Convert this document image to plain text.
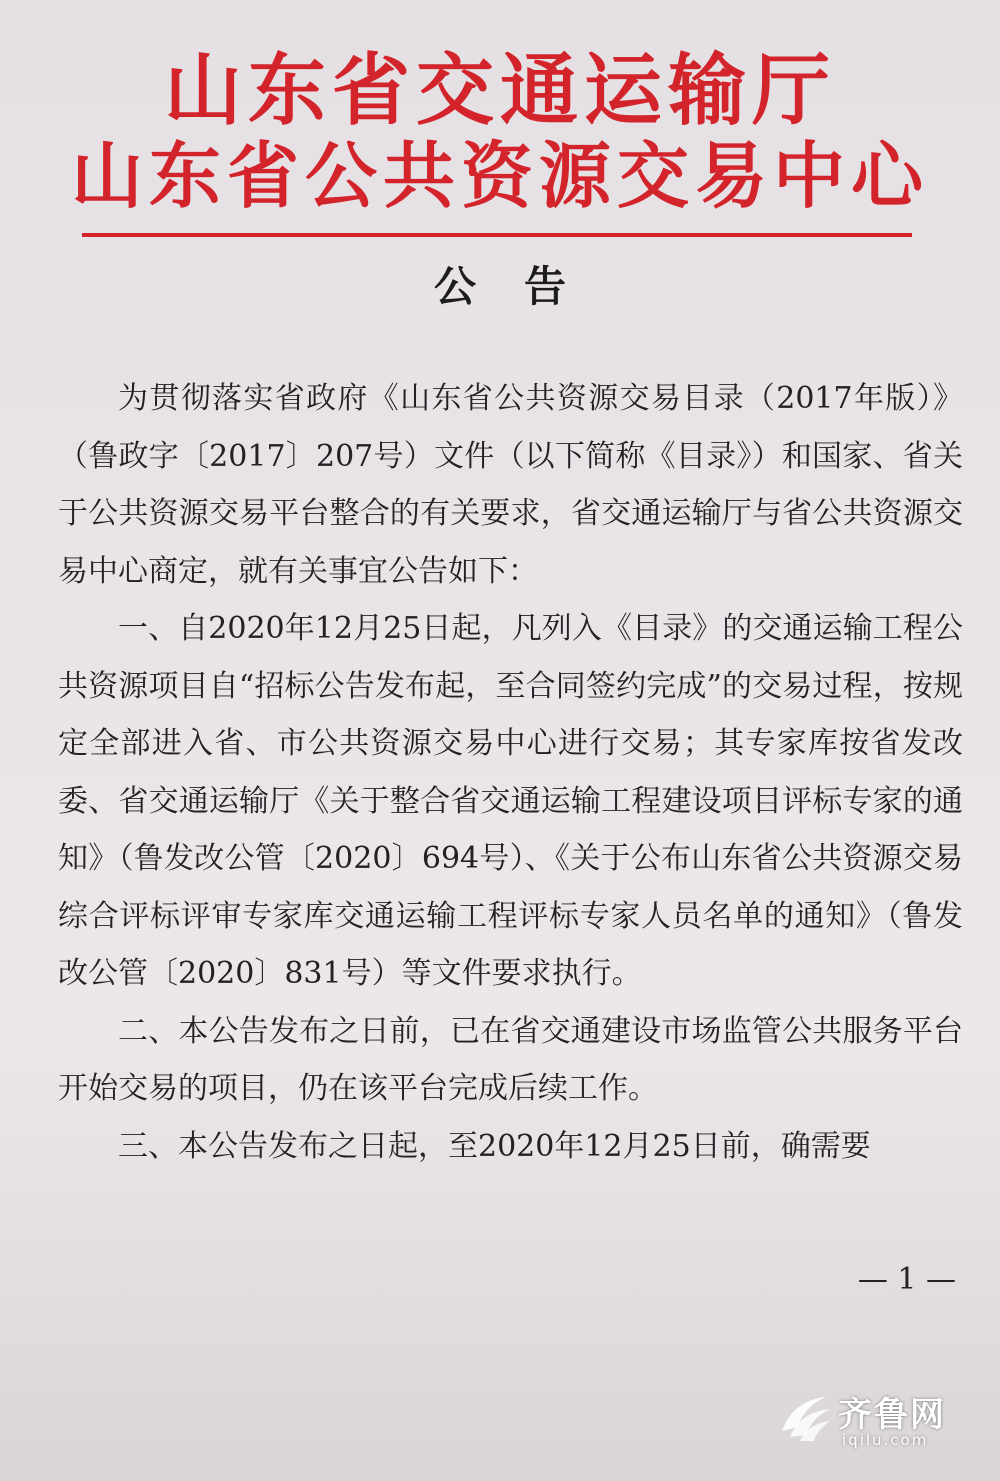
山东省交通运输厅
山东省公共资源交易中心
公告

为贯彻落实省政府《山东省公共资源交易目录（2017年版）》（鲁政字〔2017〕207号）文件（以下简称《目录》）和国家、省关于公共资源交易平台整合的有关要求，省交通运输厅与省公共资源交易中心商定，就有关事宜公告如下：

一、自2020年12月25日起，凡列入《目录》的交通运输工程公共资源项目自“招标公告发布起，至合同签约完成”的交易过程，按规定全部进入省、市公共资源交易中心进行交易；其专家库按省发改委、省交通运输厅《关于整合省交通运输工程建设项目评标专家的通知》（鲁发改公管〔2020〕694号）、《关于公布山东省公共资源交易综合评标评审专家库交通运输工程评标专家人员名单的通知》（鲁发改公管〔2020〕831号）等文件要求执行。

二、本公告发布之日前，已在省交通建设市场监管公共服务平台开始交易的项目，仍在该平台完成后续工作。

三、本公告发布之日起，至2020年12月25日前，确需要

— 1 —
齐鲁网
iqilu.com
